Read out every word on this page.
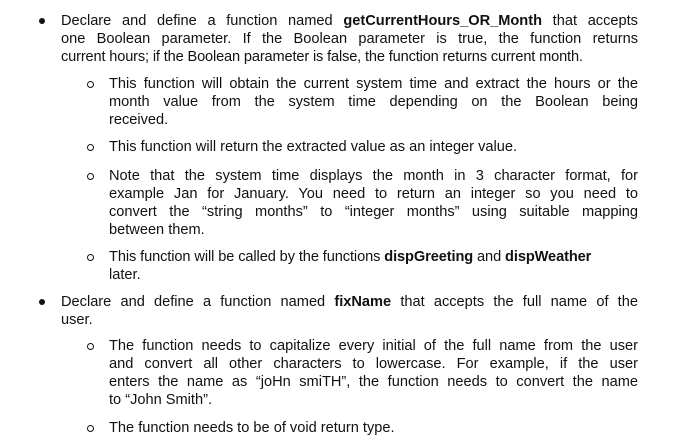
Declare and define a function named getCurrentHours_OR_Month that accepts
one Boolean parameter. If the Boolean parameter is true, the function returns
current hours; if the Boolean parameter is false, the function returns current month.
This function will obtain the current system time and extract the hours or the
month value from the system time depending on the Boolean being
received.
This function will return the extracted value as an integer value.
Note that the system time displays the month in 3 character format, for
example Jan for January. You need to return an integer so you need to
convert the “string months” to “integer months” using suitable mapping
between them.
This function will be called by the functions dispGreeting and dispWeather
later.
Declare and define a function named fixName that accepts the full name of the
user.
The function needs to capitalize every initial of the full name from the user
and convert all other characters to lowercase. For example, if the user
enters the name as “joHn smiTH”, the function needs to convert the name
to “John Smith”.
The function needs to be of void return type.
